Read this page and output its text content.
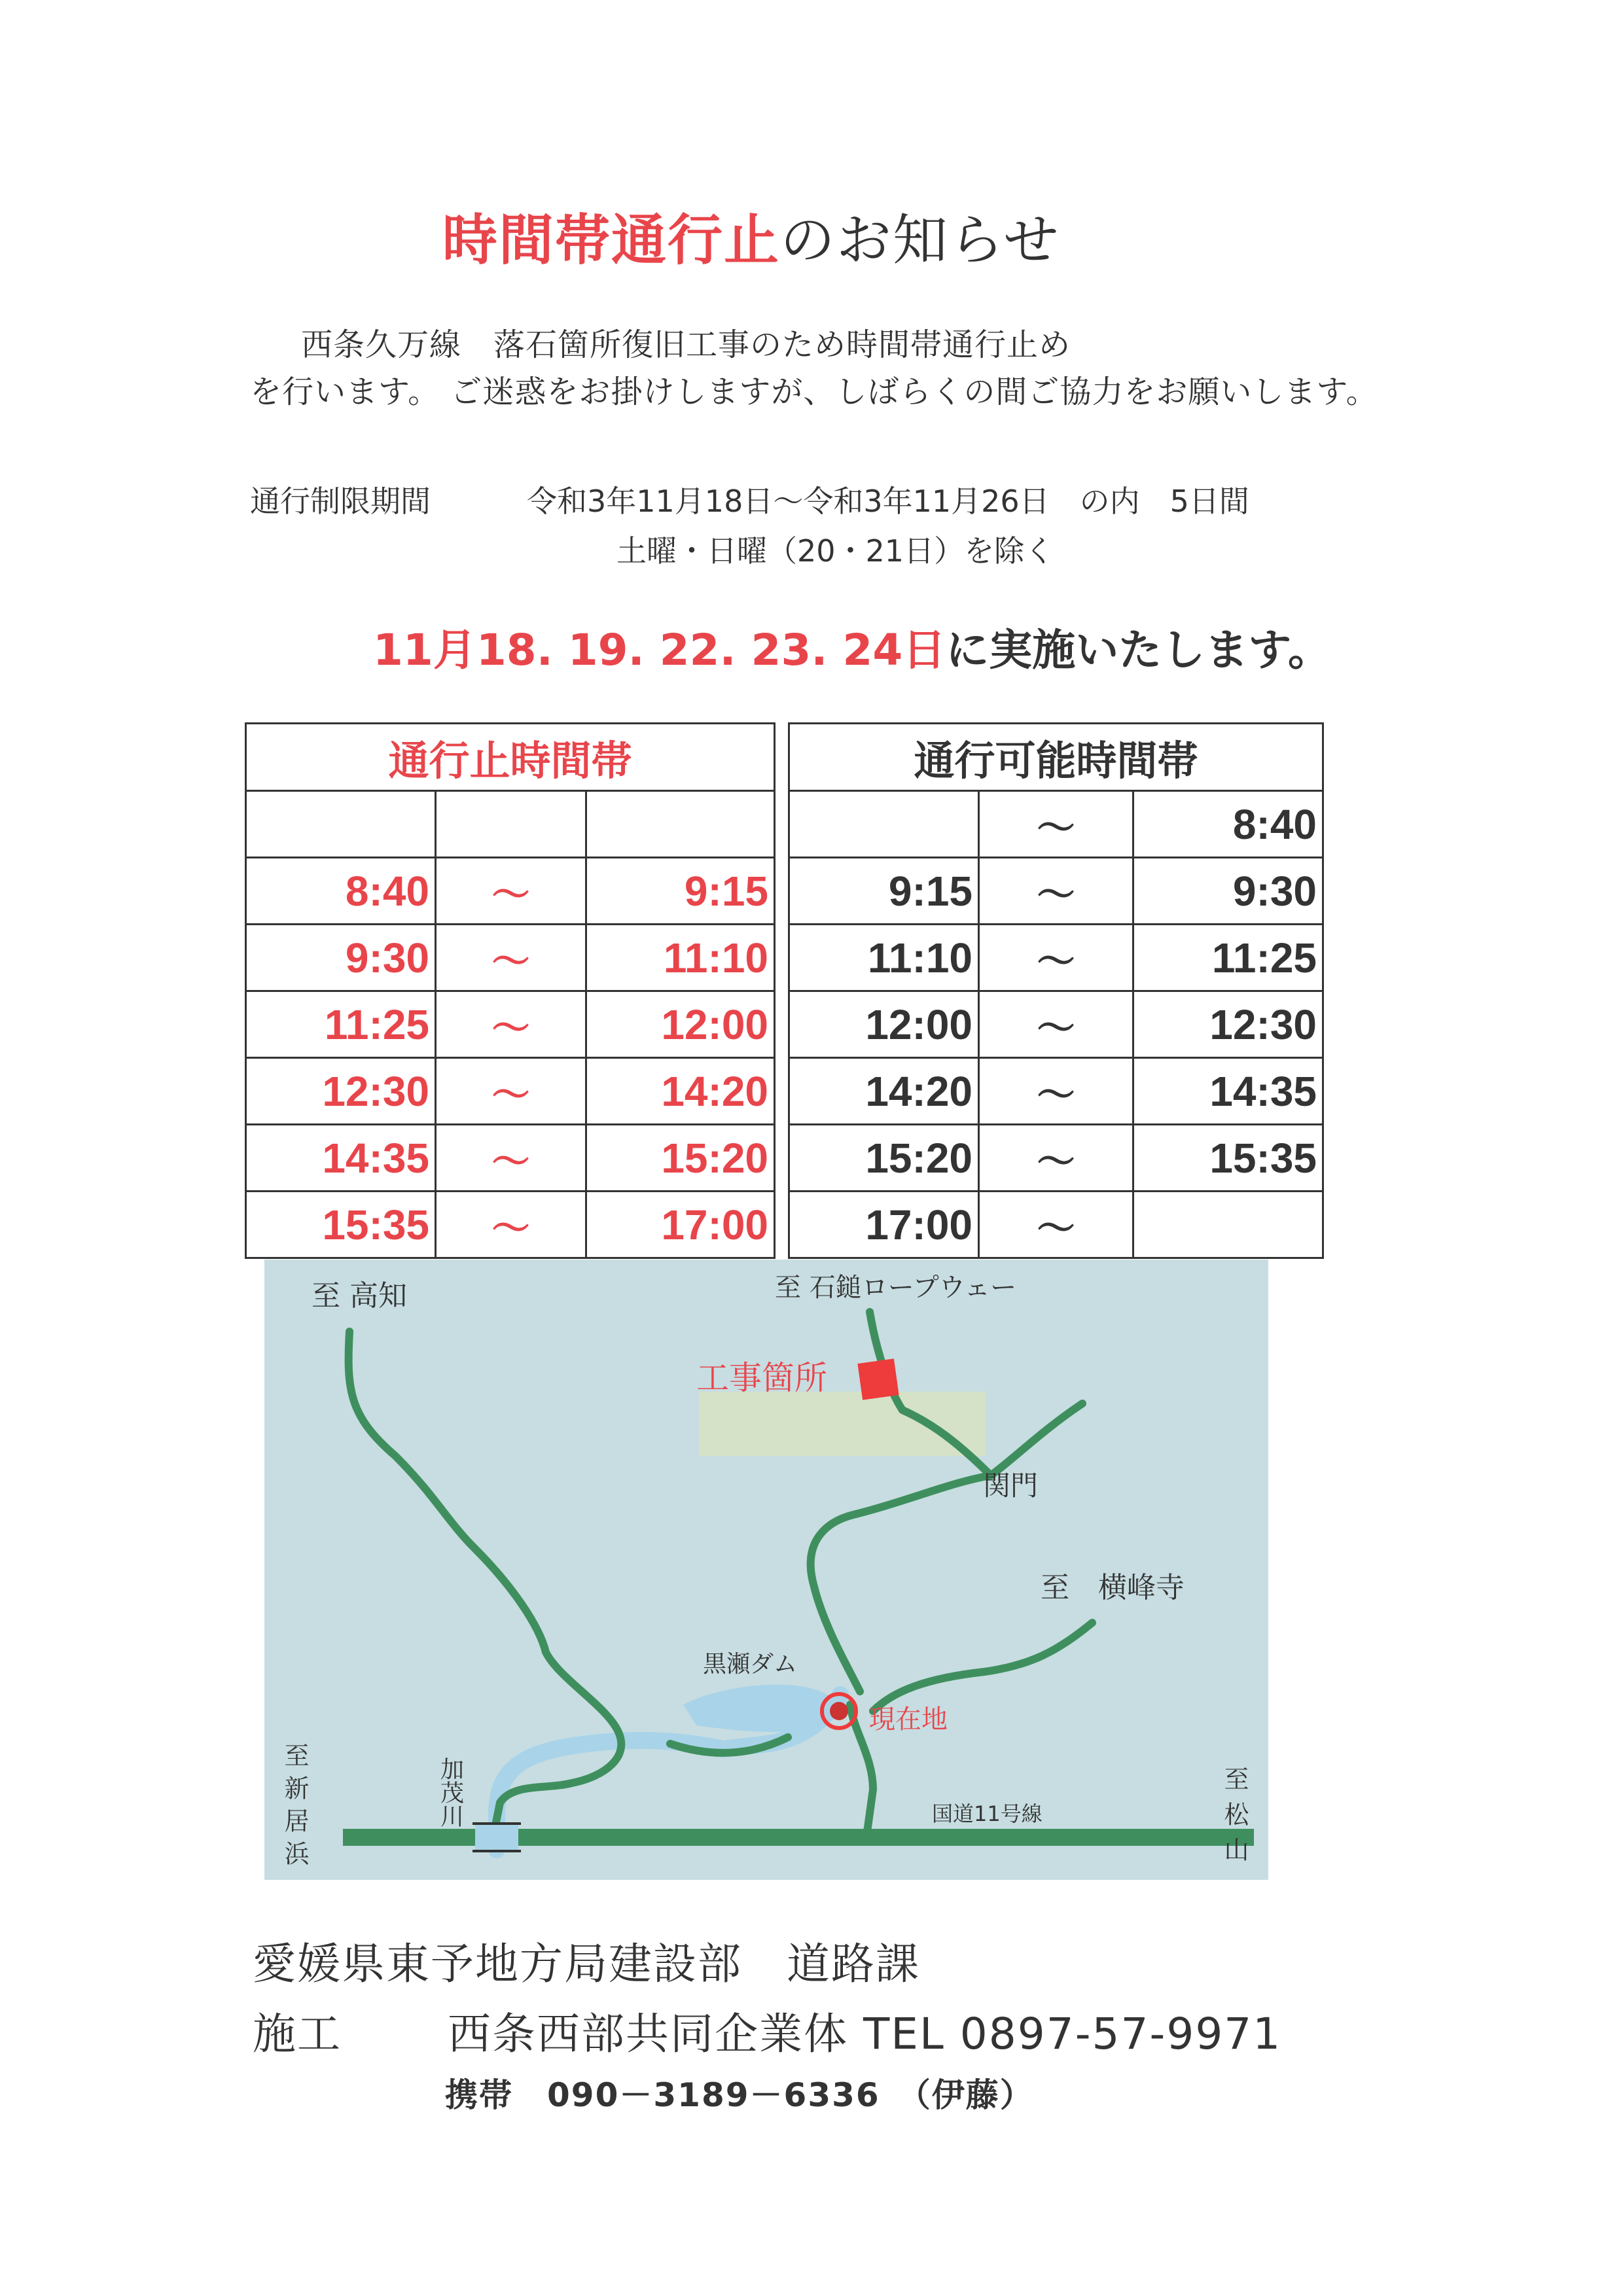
時間帯通行止のお知らせ
西条久万線　落石箇所復旧工事のため時間帯通行止め
を行います。 ご迷惑をお掛けしますが、しばらくの間ご協力をお願いします。
通行制限期間	令和3年11月18日～令和3年11月26日　の内　5日間
土曜・日曜（20・21日）を除く
11月18. 19. 22. 23. 24日に実施いたします。
通行止時間帯		

8:40	～	9:15
9:30	～	11:10
11:25	～	12:00
12:30	～	14:20
14:35	～	15:20
15:35	～	17:00
通行可能時間帯		
	～	8:40
9:15	～	9:30
11:10	～	11:25
12:00	～	12:30
14:20	～	14:35
15:20	～	15:35
17:00	～	
至 高知	至 石鎚ロープウェー
工事箇所
関門
至　横峰寺
黒瀬ダム
現在地
至新居浜	加茂川	国道11号線	至松山
愛媛県東予地方局建設部　道路課
施工 西条西部共同企業体 TEL 0897-57-9971
携帯　090－3189－6336　（伊藤）
